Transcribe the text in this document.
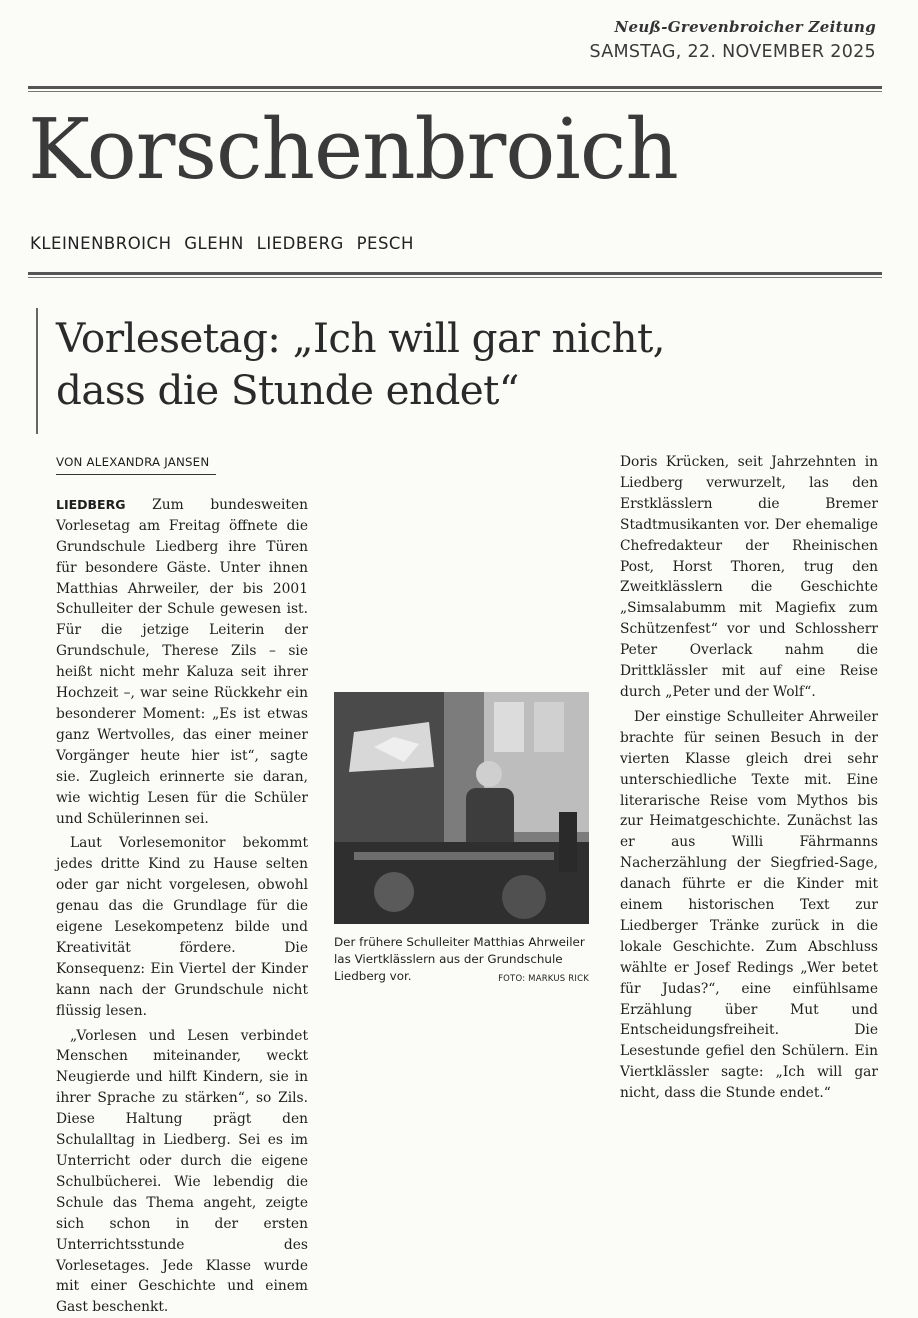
Neuß-Grevenbroicher Zeitung
SAMSTAG, 22. NOVEMBER 2025
Korschenbroich
KLEINENBROICH GLEHN LIEDBERG PESCH
Vorlesetag: „Ich will gar nicht,
dass die Stunde endet“
VON ALEXANDRA JANSEN

LIEDBERG Zum bundesweiten Vorlesetag am Freitag öffnete die Grundschule Liedberg ihre Türen für besondere Gäste. Unter ihnen Matthias Ahrweiler, der bis 2001 Schulleiter der Schule gewesen ist. Für die jetzige Leiterin der Grundschule, Therese Zils – sie heißt nicht mehr Kaluza seit ihrer Hochzeit –, war seine Rückkehr ein besonderer Moment: „Es ist etwas ganz Wertvolles, das einer meiner Vorgänger heute hier ist“, sagte sie. Zugleich erinnerte sie daran, wie wichtig Lesen für die Schüler und Schülerinnen sei.

Laut Vorlesemonitor bekommt jedes dritte Kind zu Hause selten oder gar nicht vorgelesen, obwohl genau das die Grundlage für die eigene Lesekompetenz bilde und Kreativität fördere. Die Konsequenz: Ein Viertel der Kinder kann nach der Grundschule nicht flüssig lesen.

„Vorlesen und Lesen verbindet Menschen miteinander, weckt Neugierde und hilft Kindern, sie in ihrer Sprache zu stärken“, so Zils. Diese Haltung prägt den Schulalltag in Liedberg. Sei es im Unterricht oder durch die eigene Schulbücherei. Wie lebendig die Schule das Thema angeht, zeigte sich schon in der ersten Unterrichtsstunde des Vorlesetages. Jede Klasse wurde mit einer Geschichte und einem Gast beschenkt.

Der frühere Schulleiter Matthias Ahrweiler las Viertklässlern aus der Grundschule Liedberg vor.	FOTO: MARKUS RICK

Doris Krücken, seit Jahrzehnten in Liedberg verwurzelt, las den Erstklässlern die Bremer Stadtmusikanten vor. Der ehemalige Chefredakteur der Rheinischen Post, Horst Thoren, trug den Zweitklässlern die Geschichte „Simsalabumm mit Magiefix zum Schützenfest“ vor und Schlossherr Peter Overlack nahm die Drittklässler mit auf eine Reise durch „Peter und der Wolf“.

Der einstige Schulleiter Ahrweiler brachte für seinen Besuch in der vierten Klasse gleich drei sehr unterschiedliche Texte mit. Eine literarische Reise vom Mythos bis zur Heimatgeschichte. Zunächst las er aus Willi Fährmanns Nacherzählung der Siegfried-Sage, danach führte er die Kinder mit einem historischen Text zur Liedberger Tränke zurück in die lokale Geschichte. Zum Abschluss wählte er Josef Redings „Wer betet für Judas?“, eine einfühlsame Erzählung über Mut und Entscheidungsfreiheit. Die Lesestunde gefiel den Schülern. Ein Viertklässler sagte: „Ich will gar nicht, dass die Stunde endet.“
